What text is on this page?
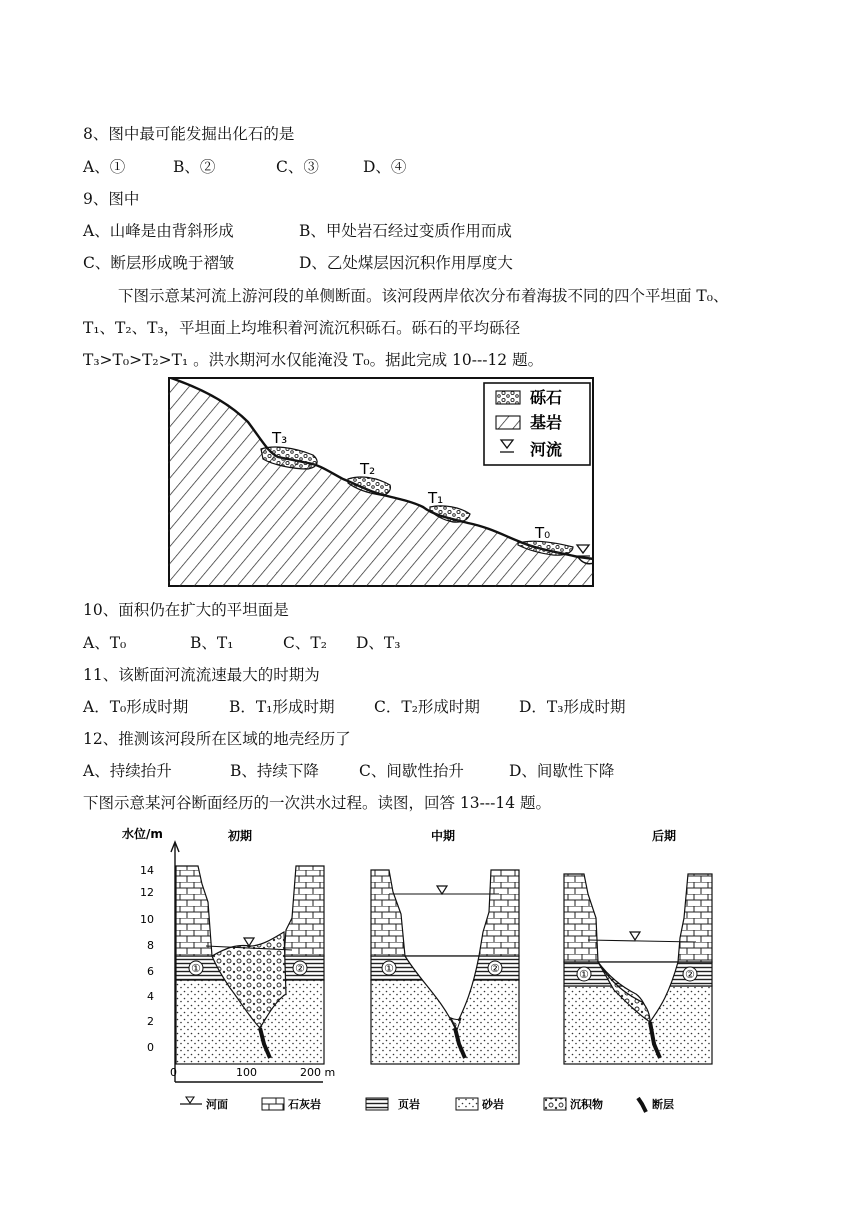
8、图中最可能发掘出化石的是
A、①	B、②	C、③	D、④
9、图中
A、山峰是由背斜形成	B、甲处岩石经过变质作用而成
C、断层形成晚于褶皱	D、乙处煤层因沉积作用厚度大
下图示意某河流上游河段的单侧断面。该河段两岸依次分布着海拔不同的四个平坦面 T₀、
T₁、T₂、T₃，平坦面上均堆积着河流沉积砾石。砾石的平均砾径
T₃>T₀>T₂>T₁ 。洪水期河水仅能淹没 T₀。据此完成 10---12 题。
T₃
T₂
T₁
T₀
砾石
基岩
河流
10、面积仍在扩大的平坦面是
A、T₀	B、T₁	C、T₂ D、T₃
11、该断面河流流速最大的时期为
A．T₀形成时期	B．T₁形成时期	C．T₂形成时期	D．T₃形成时期
12、推测该河段所在区域的地壳经历了
A、持续抬升	B、持续下降	C、间歇性抬升	D、间歇性下降
下图示意某河谷断面经历的一次洪水过程。读图，回答 13---14 题。
水位/m
14
12
10
8
6
4
2
0
0	100	200 m
初期
①	②
中期
①	②
后期
①	②
河面	石灰岩	页岩	砂岩	沉积物	断层
